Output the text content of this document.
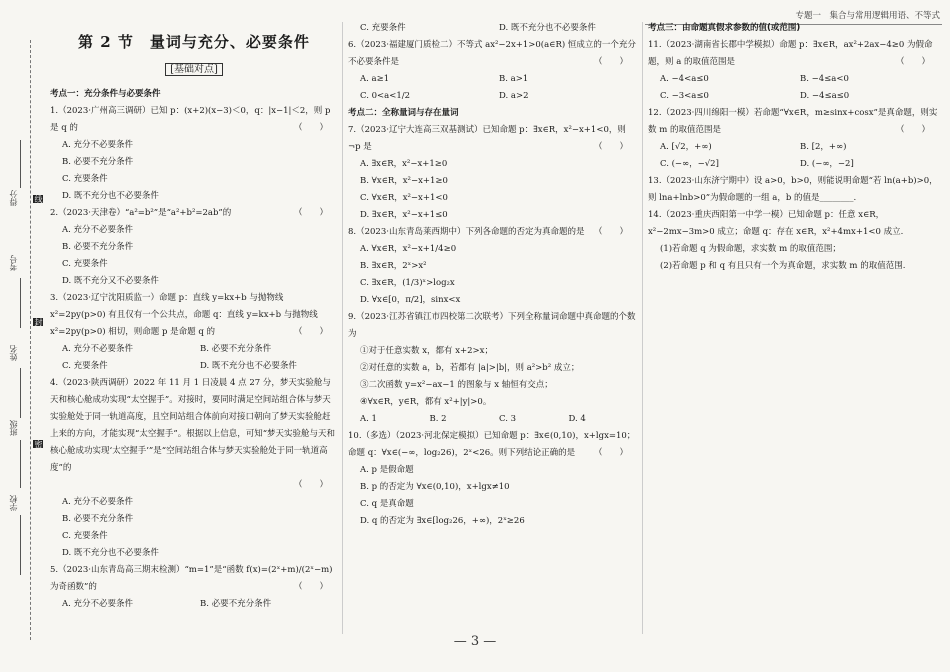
得分
考号
姓名
班级
学校
线
封
密
专题一　集合与常用逻辑用语、不等式
第 2 节　量词与充分、必要条件
[基础对点]
考点一：充分条件与必要条件
1.（2023·广州高三调研）已知 p：(x+2)(x−3)＜0，q：|x−1|＜2，则 p 是 q 的	（　　）
A. 充分不必要条件
B. 必要不充分条件
C. 充要条件
D. 既不充分也不必要条件
2.（2023·天津卷）“a²=b²”是“a²+b²=2ab”的	（　　）
A. 充分不必要条件
B. 必要不充分条件
C. 充要条件
D. 既不充分又不必要条件
3.（2023·辽宁沈阳质监一）命题 p：直线 y=kx+b 与抛物线 x²=2py(p>0) 有且仅有一个公共点，命题 q：直线 y=kx+b 与抛物线 x²=2py(p>0) 相切，则命题 p 是命题 q 的	（　　）
A. 充分不必要条件	B. 必要不充分条件
C. 充要条件	D. 既不充分也不必要条件
4.（2023·陕西调研）2022 年 11 月 1 日凌晨 4 点 27 分，梦天实验舱与天和核心舱成功实现“太空握手”。对接时，要同时满足空间站组合体与梦天实验舱处于同一轨道高度，且空间站组合体前向对接口朝向了梦天实验舱赶上来的方向，才能实现“太空握手”。根据以上信息，可知“梦天实验舱与天和核心舱成功实现‘太空握手’”是“空间站组合体与梦天实验舱处于同一轨道高度”的
（　　）
A. 充分不必要条件
B. 必要不充分条件
C. 充要条件
D. 既不充分也不必要条件
5.（2023·山东青岛高三期末检测）“m=1”是“函数 f(x)=(2ˣ+m)/(2ˣ−m) 为奇函数”的	（　　）
A. 充分不必要条件	B. 必要不充分条件
C. 充要条件	D. 既不充分也不必要条件
6.（2023·福建厦门质检二）不等式 ax²−2x+1>0(a∈R) 恒成立的一个充分不必要条件是	（　　）
A. a≥1	B. a>1
C. 0<a<1/2	D. a>2
考点二：全称量词与存在量词
7.（2023·辽宁大连高三双基测试）已知命题 p：∃x∈R，x²−x+1<0，则 ¬p 是	（　　）
A. ∃x∈R，x²−x+1≥0
B. ∀x∈R，x²−x+1≥0
C. ∀x∈R，x²−x+1<0
D. ∃x∈R，x²−x+1≤0
8.（2023·山东青岛莱西期中）下列各命题的否定为真命题的是 （　　）
A. ∀x∈R，x²−x+1/4≥0
B. ∃x∈R，2ˣ>x²
C. ∃x∈R，(1/3)ˣ>log₂x
D. ∀x∈[0，π/2]，sinx<x
9.（2023·江苏省镇江市四校第二次联考）下列全称量词命题中真命题的个数为
①对于任意实数 x，都有 x+2>x；
②对任意的实数 a，b，若都有 |a|>|b|，则 a²>b² 成立；
③二次函数 y=x²−ax−1 的图象与 x 轴恒有交点；
④∀x∈R，y∈R，都有 x²+|y|>0。
A. 1	B. 2	C. 3	D. 4
10.（多选）（2023·河北保定模拟）已知命题 p：∃x∈(0,10)，x+lgx=10；命题 q：∀x∈(−∞，log₂26)，2ˣ<26。则下列结论正确的是 （　　）
A. p 是假命题
B. p 的否定为 ∀x∈(0,10)，x+lgx≠10
C. q 是真命题
D. q 的否定为 ∃x∈[log₂26，+∞)，2ˣ≥26
考点三：由命题真假求参数的值(或范围)
11.（2023·湖南省长郡中学模拟）命题 p：∃x∈R，ax²+2ax−4≥0 为假命题，则 a 的取值范围是	（　　）
A. −4<a≤0	B. −4≤a<0
C. −3<a≤0	D. −4≤a≤0
12.（2023·四川绵阳一模）若命题“∀x∈R，m≥sinx+cosx”是真命题，则实数 m 的取值范围是	（　　）
A. [√2，+∞)	B. [2，+∞)
C. (−∞，−√2]	D. (−∞，−2]
13.（2023·山东济宁期中）设 a>0，b>0，则能说明命题“若 ln(a+b)>0，则 lna+lnb>0”为假命题的一组 a，b 的值是________.
14.（2023·重庆西阳第一中学一模）已知命题 p：任意 x∈R，x²−2mx−3m>0 成立；命题 q：存在 x∈R，x²+4mx+1<0 成立.
(1)若命题 q 为假命题，求实数 m 的取值范围；
(2)若命题 p 和 q 有且只有一个为真命题，求实数 m 的取值范围.
— 3 —
